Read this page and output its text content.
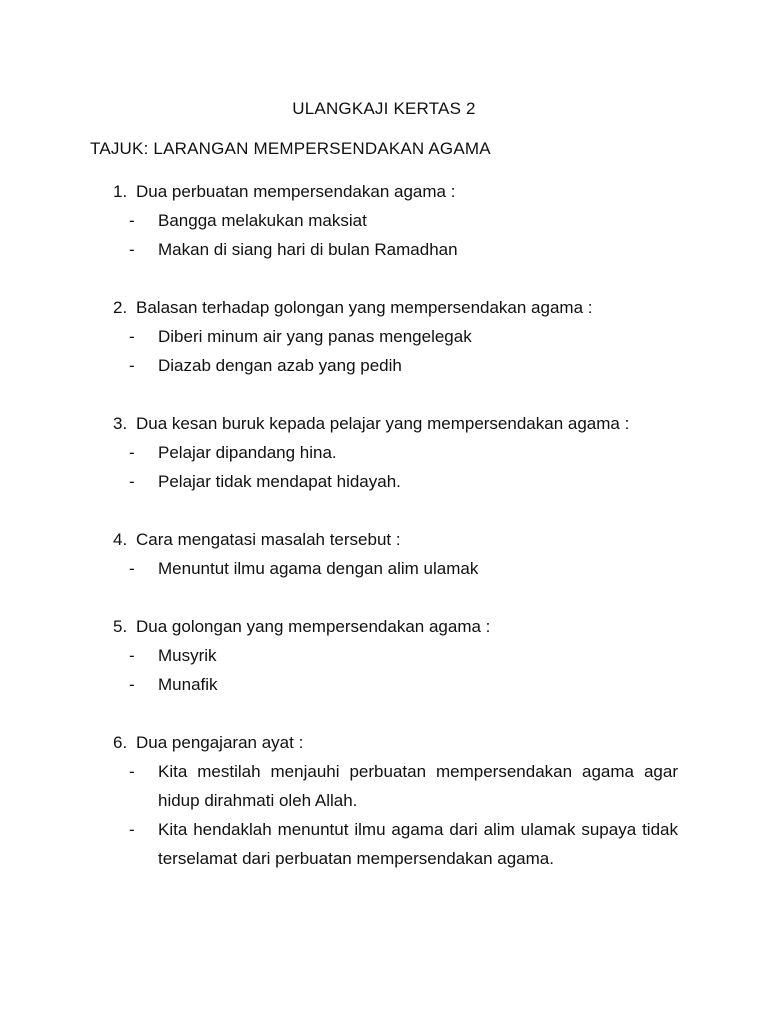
ULANGKAJI KERTAS 2
TAJUK: LARANGAN MEMPERSENDAKAN AGAMA
1. Dua perbuatan mempersendakan agama :
-	Bangga melakukan maksiat
-	Makan di siang hari di bulan Ramadhan
2. Balasan terhadap golongan yang mempersendakan agama :
-	Diberi minum air yang panas mengelegak
-	Diazab dengan azab yang pedih
3. Dua kesan buruk kepada pelajar yang mempersendakan agama :
-	Pelajar dipandang hina.
-	Pelajar tidak mendapat hidayah.
4. Cara mengatasi masalah tersebut :
-	Menuntut ilmu agama dengan alim ulamak
5. Dua golongan yang mempersendakan agama :
-	Musyrik
-	Munafik
6. Dua pengajaran ayat :
-	Kita mestilah menjauhi perbuatan mempersendakan agama agar hidup dirahmati oleh Allah.
-	Kita hendaklah menuntut ilmu agama dari alim ulamak supaya tidak terselamat dari perbuatan mempersendakan agama.
